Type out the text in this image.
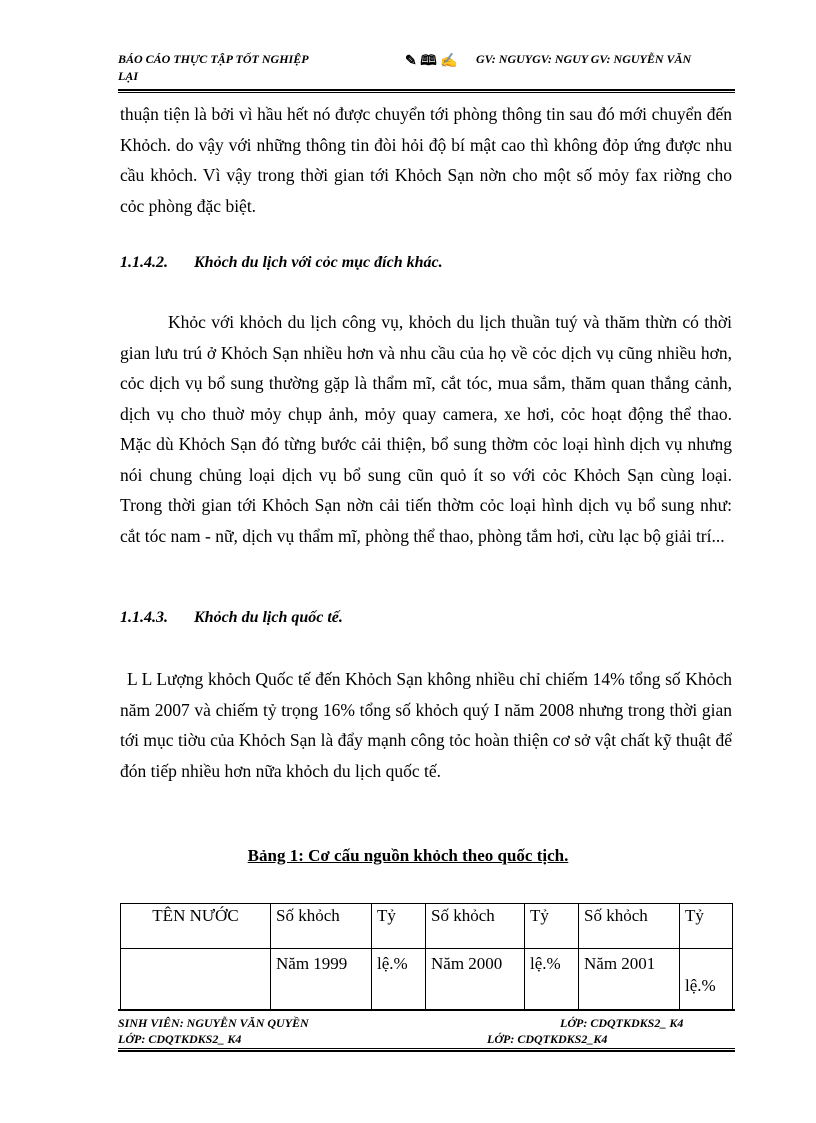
BÁO CÁO THỰC TẬP TỐT NGHIỆP
LẠI
✎ 🕮 ✍ GV: NGUYGV: NGUY GV: NGUYỄN VĂN
thuận tiện là bởi vì hầu hết nó được chuyển tới phòng thông tin sau đó mới chuyển đến Khỏch. do vậy với những thông tin đòi hỏi độ bí mật cao thì không đỏp ứng được nhu cầu khỏch. Vì vậy trong thời gian tới Khỏch Sạn nờn cho một số mỏy fax riờng cho cỏc phòng đặc biệt.
1.1.4.2. Khỏch du lịch với cỏc mục đích khác.
Khỏc với khỏch du lịch công vụ, khỏch du lịch thuần tuý và thăm thừn có thời gian lưu trú ở Khỏch Sạn nhiều hơn và nhu cầu của họ về cỏc dịch vụ cũng nhiều hơn, cỏc dịch vụ bổ sung thường gặp là thẩm mĩ, cắt tóc, mua sắm, thăm quan thắng cảnh, dịch vụ cho thuờ mỏy chụp ảnh, mỏy quay camera, xe hơi, cỏc hoạt động thể thao. Mặc dù Khỏch Sạn đó từng bước cải thiện, bổ sung thờm cỏc loại hình dịch vụ nhưng nói chung chủng loại dịch vụ bổ sung cũn quỏ ít so với cỏc Khỏch Sạn cùng loại. Trong thời gian tới Khỏch Sạn nờn cải tiến thờm cỏc loại hình dịch vụ bổ sung như: cắt tóc nam - nữ, dịch vụ thẩm mĩ, phòng thể thao, phòng tắm hơi, cừu lạc bộ giải trí...
1.1.4.3. Khỏch du lịch quốc tế.
L L Lượng khỏch Quốc tế đến Khỏch Sạn không nhiều chỉ chiếm 14% tổng số Khỏch năm 2007 và chiếm tỷ trọng 16% tổng số khỏch quý I năm 2008 nhưng trong thời gian tới mục tiờu của Khỏch Sạn là đẩy mạnh công tỏc hoàn thiện cơ sở vật chất kỹ thuật để đón tiếp nhiều hơn nữa khỏch du lịch quốc tế.
Bảng 1: Cơ cấu nguồn khỏch theo quốc tịch.
TÊN NƯỚC	Số khỏch	Tỷ	Số khỏch	Tỷ	Số khỏch	Tỷ
	Năm 1999	lệ.%	Năm 2000	lệ.%	Năm 2001	lệ.%
SINH VIÊN: NGUYỄN VĂN QUYỀN	LỚP: CDQTKDKS2_ K4
LỚP: CDQTKDKS2_ K4	LỚP: CDQTKDKS2_K4
